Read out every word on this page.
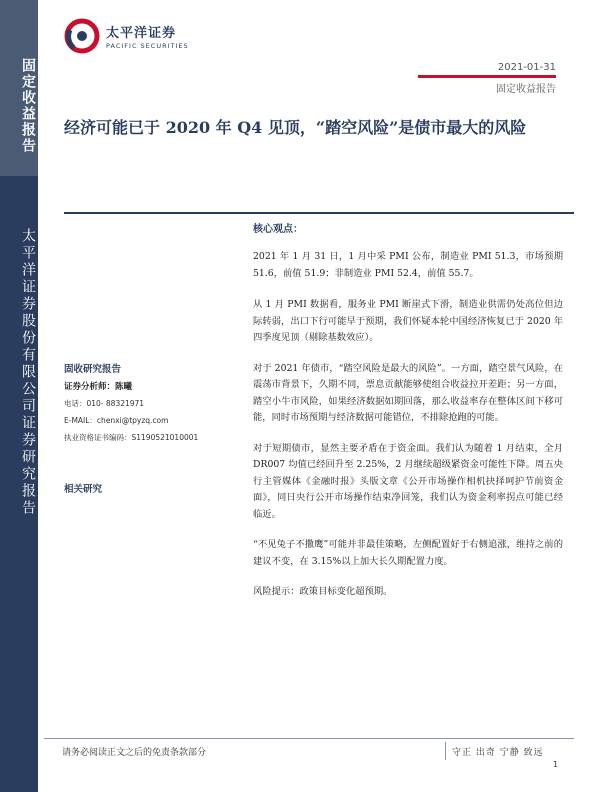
固定收益报告
太平洋证券股份有限公司证券研究报告
太平洋证券
PACIFIC SECURITIES
2021-01-31
固定收益报告
经济可能已于 2020 年 Q4 见顶，“踏空风险”是债市最大的风险
核心观点：

2021 年 1 月 31 日，1 月中采 PMI 公布，制造业 PMI 51.3，市场预期 51.6，前值 51.9；非制造业 PMI 52.4，前值 55.7。

从 1 月 PMI 数据看，服务业 PMI 断崖式下滑，制造业供需仍处高位但边际转弱，出口下行可能早于预期，我们怀疑本轮中国经济恢复已于 2020 年四季度见顶（剔除基数效应）。

对于 2021 年债市，“踏空风险是最大的风险”。一方面，踏空景气风险，在震荡市背景下，久期不同，票息贡献能够使组合收益拉开差距；另一方面，踏空小牛市风险，如果经济数据如期回落，那么收益率存在整体区间下移可能，同时市场预期与经济数据可能错位，不排除抢跑的可能。

对于短期债市，显然主要矛盾在于资金面。我们认为随着 1 月结束，全月 DR007 均值已经回升至 2.25%，2 月继续超级紧资金可能性下降。周五央行主管媒体《金融时报》头版文章《公开市场操作相机抉择呵护节前资金面》，同日央行公开市场操作结束净回笼，我们认为资金利率拐点可能已经临近。

“不见兔子不撒鹰”可能并非最佳策略，左侧配置好于右侧追涨，维持之前的建议不变，在 3.15%以上加大长久期配置力度。

风险提示：政策目标变化超预期。

固收研究报告
证券分析师：陈曦
电话：010- 88321971
E-MAIL：chenxi@tpyzq.com
执业资格证书编码：S1190521010001
相关研究
请务必阅读正文之后的免责条款部分	守正 出奇 宁静 致远
1
